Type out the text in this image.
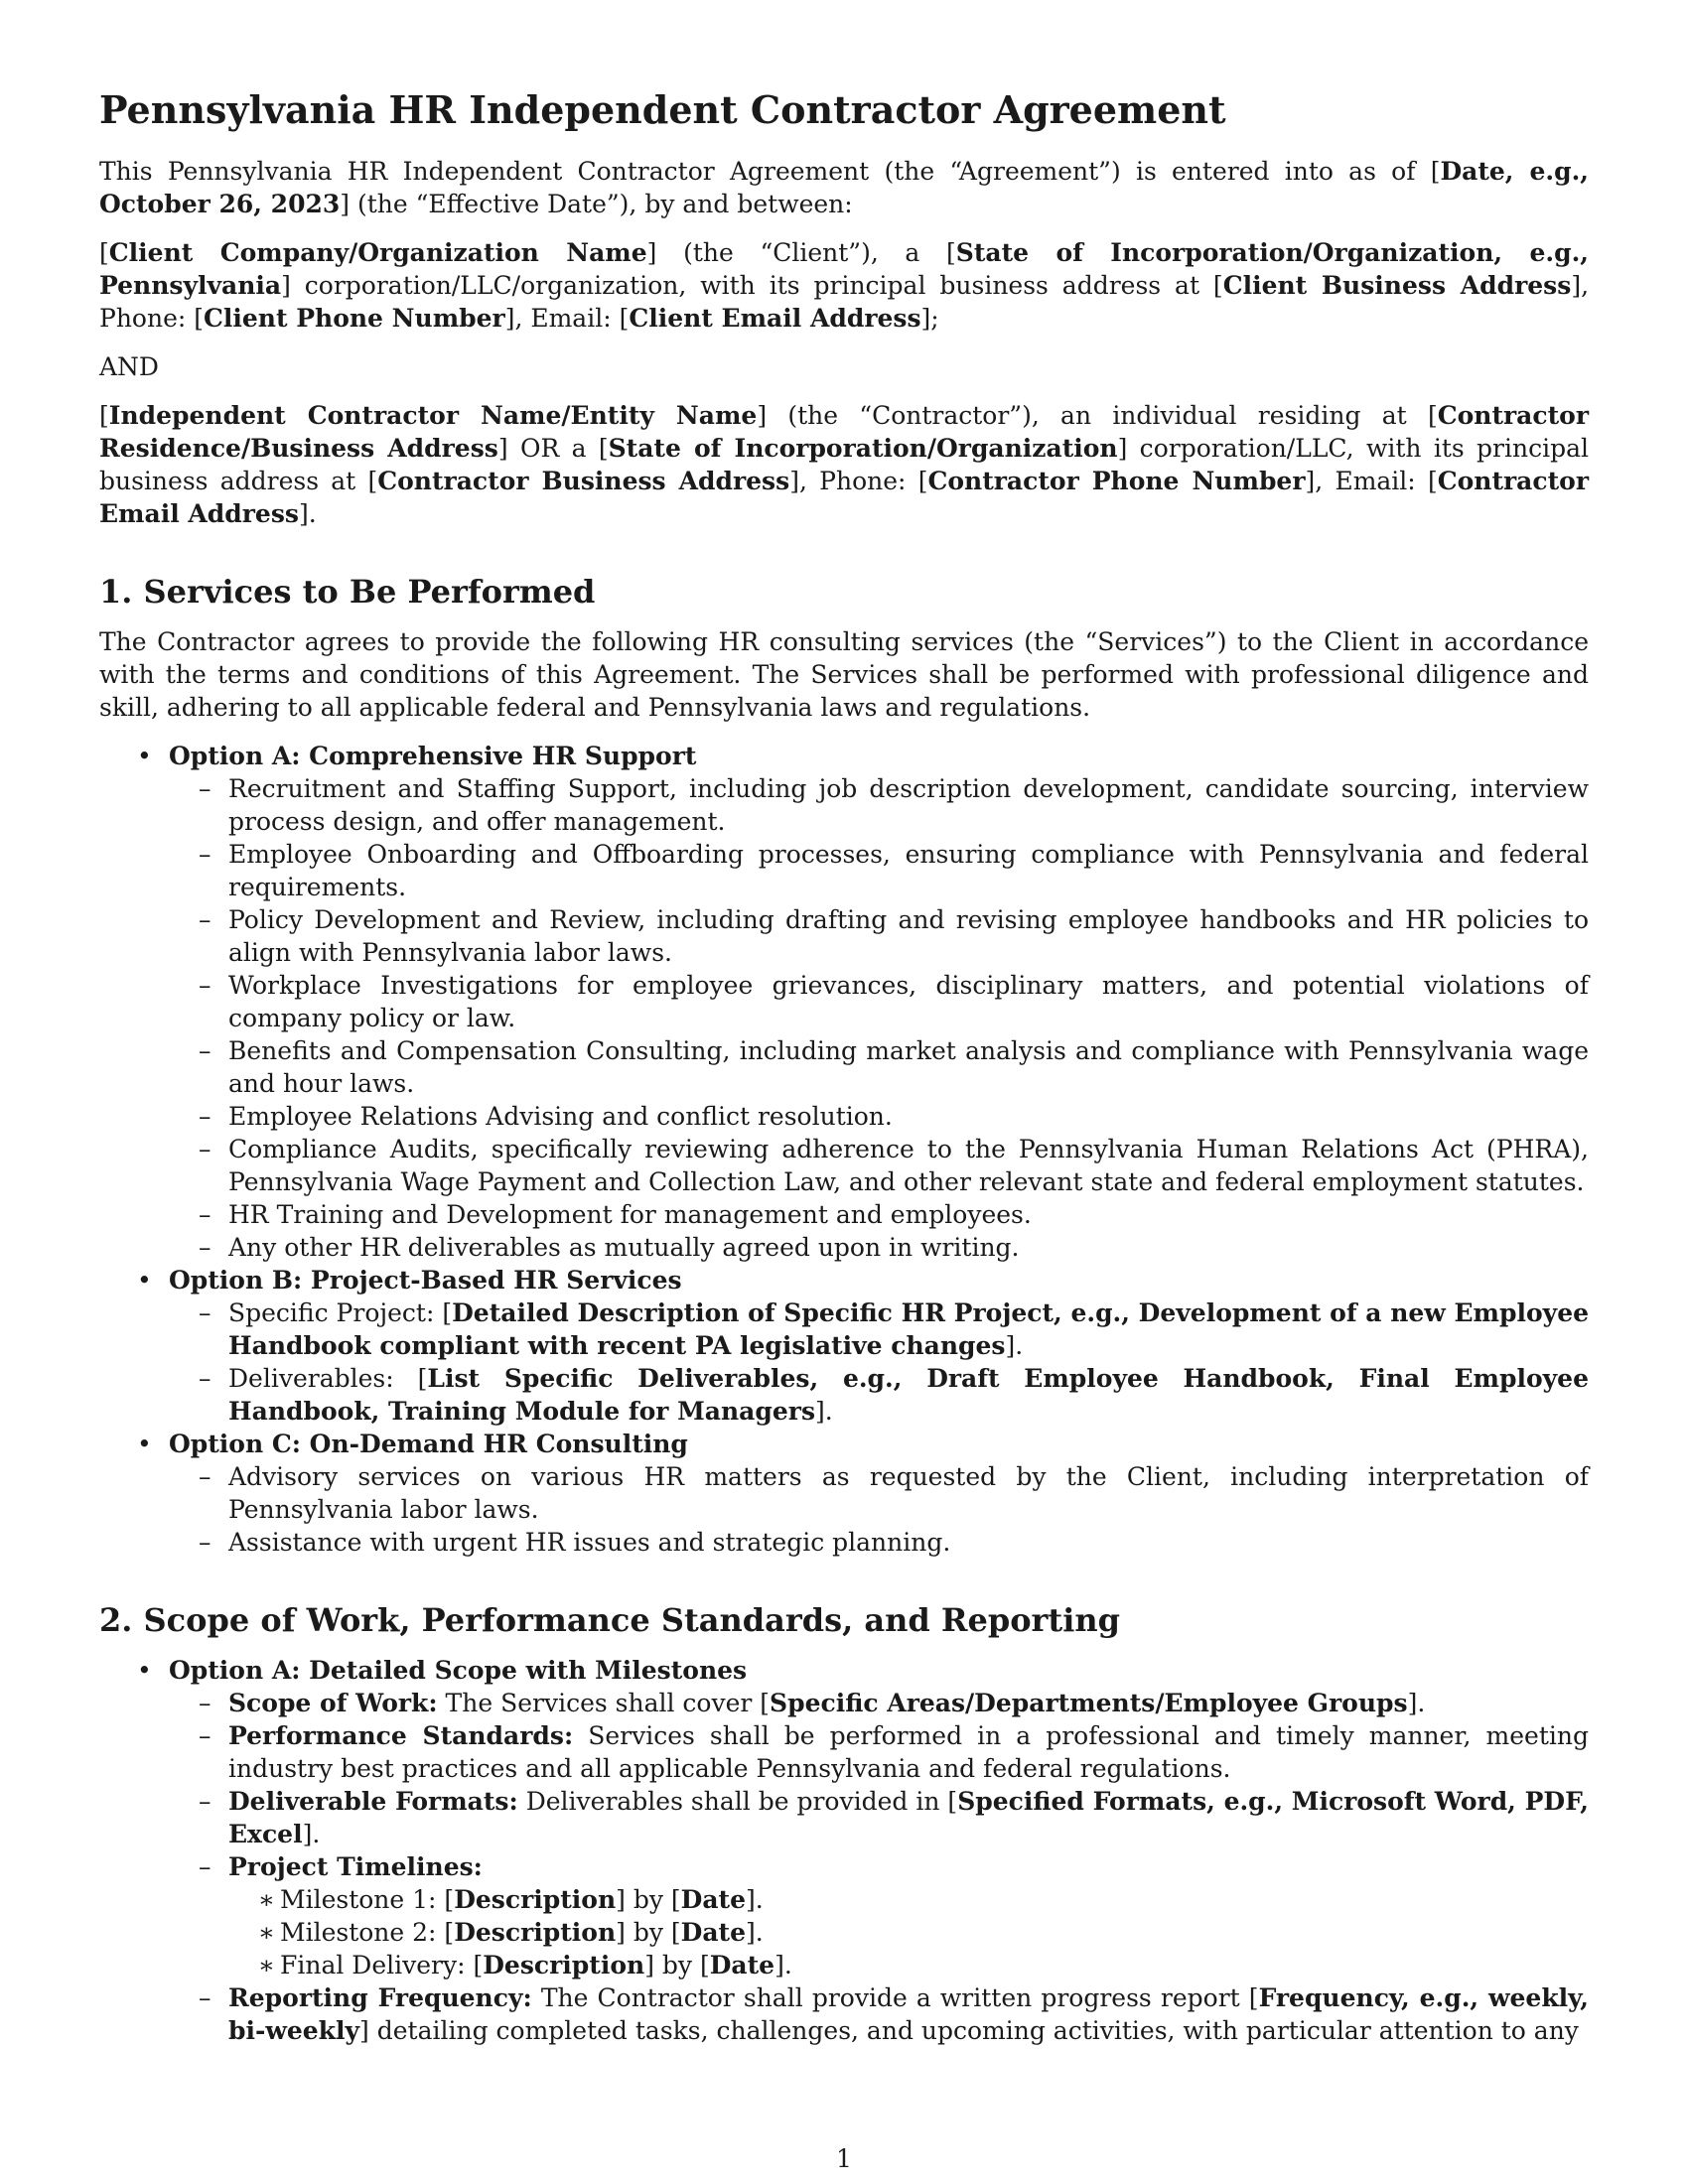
Pennsylvania HR Independent Contractor Agreement

This Pennsylvania HR Independent Contractor Agreement (the “Agreement”) is entered into as of [Date, e.g., October 26, 2023] (the “Effective Date”), by and between:

[Client Company/Organization Name] (the “Client”), a [State of Incorporation/Organization, e.g., Pennsylvania] corporation/LLC/organization, with its principal business address at [Client Business Address], Phone: [Client Phone Number], Email: [Client Email Address];

AND

[Independent Contractor Name/Entity Name] (the “Contractor”), an individual residing at [Contractor Residence/Business Address] OR a [State of Incorporation/Organization] corporation/LLC, with its principal business address at [Contractor Business Address], Phone: [Contractor Phone Number], Email: [Contractor Email Address].

1. Services to Be Performed

The Contractor agrees to provide the following HR consulting services (the “Services”) to the Client in accordance with the terms and conditions of this Agreement. The Services shall be performed with professional diligence and skill, adhering to all applicable federal and Pennsylvania laws and regulations.

• Option A: Comprehensive HR Support
– Recruitment and Staffing Support, including job description development, candidate sourcing, interview process design, and offer management.
– Employee Onboarding and Offboarding processes, ensuring compliance with Pennsylvania and federal requirements.
– Policy Development and Review, including drafting and revising employee handbooks and HR policies to align with Pennsylvania labor laws.
– Workplace Investigations for employee grievances, disciplinary matters, and potential violations of company policy or law.
– Benefits and Compensation Consulting, including market analysis and compliance with Pennsylvania wage and hour laws.
– Employee Relations Advising and conflict resolution.
– Compliance Audits, specifically reviewing adherence to the Pennsylvania Human Relations Act (PHRA), Pennsylvania Wage Payment and Collection Law, and other relevant state and federal employment statutes.
– HR Training and Development for management and employees.
– Any other HR deliverables as mutually agreed upon in writing.
• Option B: Project-Based HR Services
– Specific Project: [Detailed Description of Specific HR Project, e.g., Development of a new Employee Handbook compliant with recent PA legislative changes].
– Deliverables: [List Specific Deliverables, e.g., Draft Employee Handbook, Final Employee Handbook, Training Module for Managers].
• Option C: On-Demand HR Consulting
– Advisory services on various HR matters as requested by the Client, including interpretation of Pennsylvania labor laws.
– Assistance with urgent HR issues and strategic planning.
2. Scope of Work, Performance Standards, and Reporting
• Option A: Detailed Scope with Milestones
– Scope of Work: The Services shall cover [Specific Areas/Departments/Employee Groups].
– Performance Standards: Services shall be performed in a professional and timely manner, meeting industry best practices and all applicable Pennsylvania and federal regulations.
– Deliverable Formats: Deliverables shall be provided in [Specified Formats, e.g., Microsoft Word, PDF, Excel].
– Project Timelines:
∗ Milestone 1: [Description] by [Date].
∗ Milestone 2: [Description] by [Date].
∗ Final Delivery: [Description] by [Date].
– Reporting Frequency: The Contractor shall provide a written progress report [Frequency, e.g., weekly, bi-weekly] detailing completed tasks, challenges, and upcoming activities, with particular attention to any
1
